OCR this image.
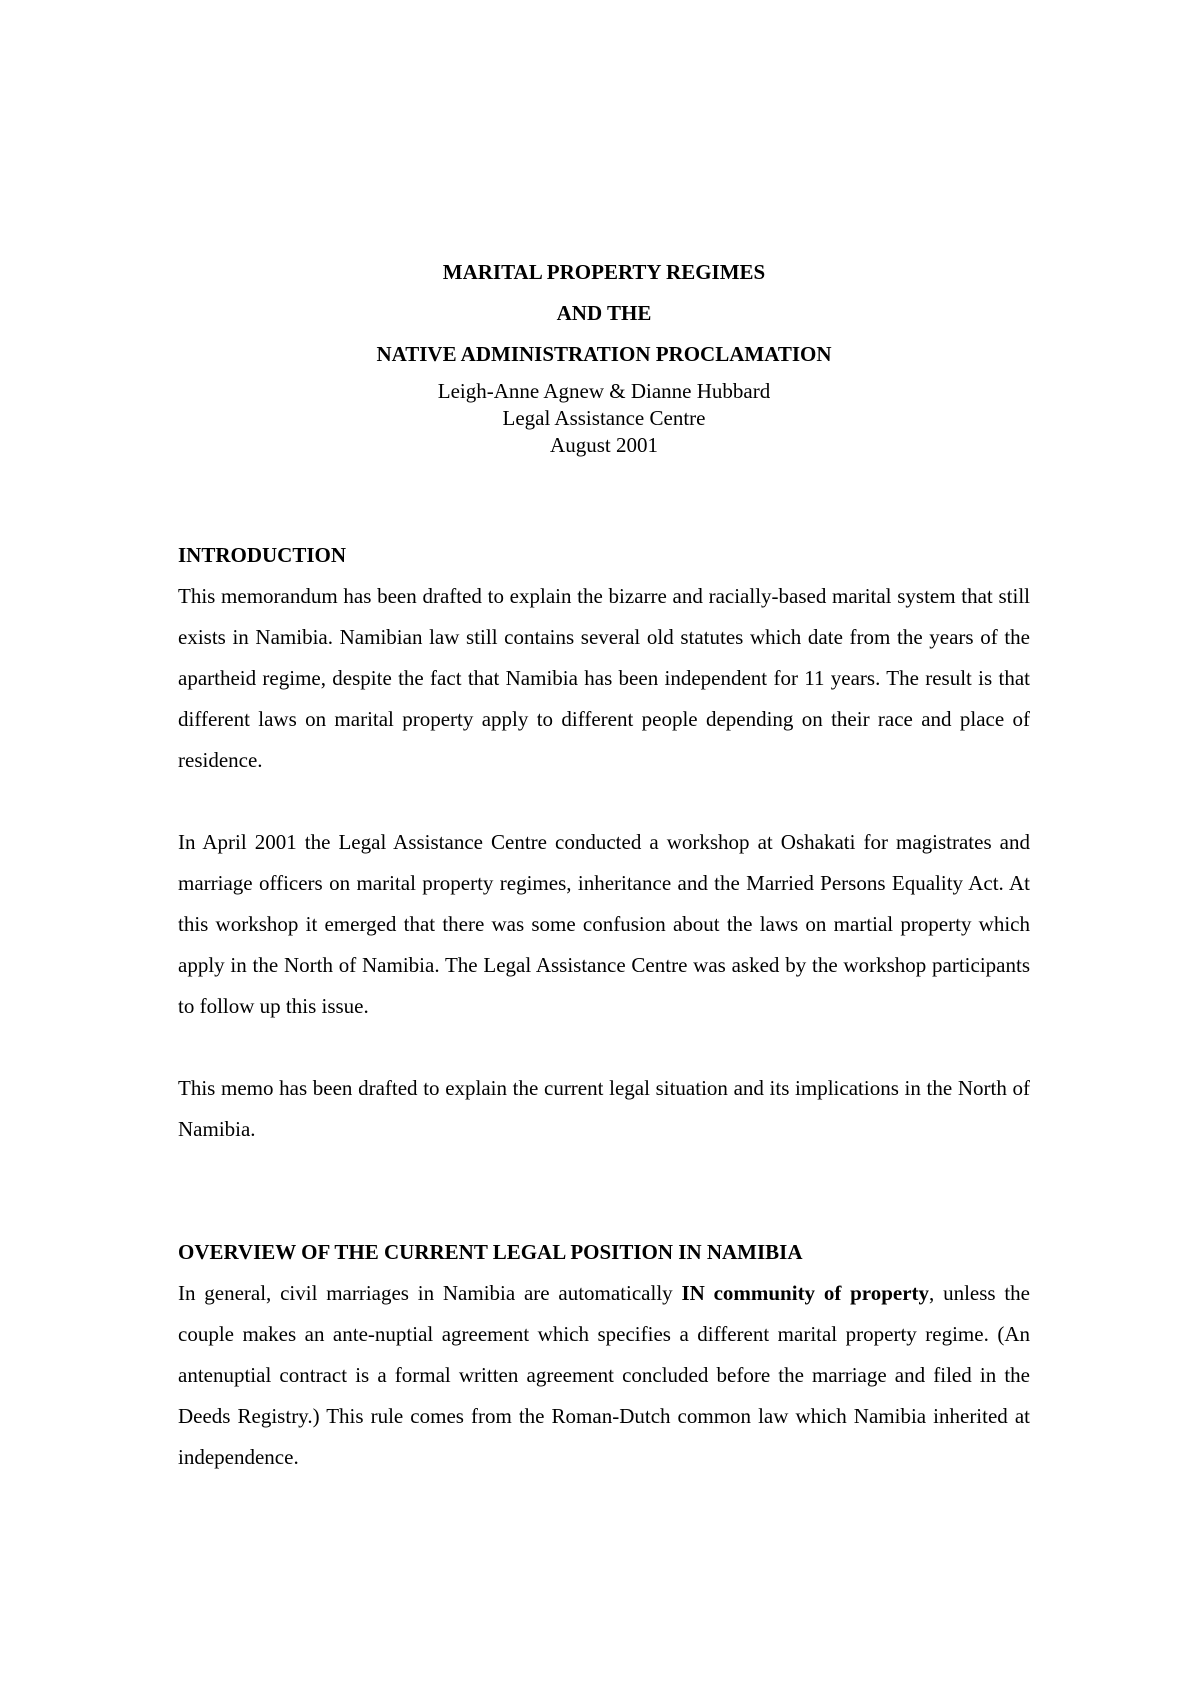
MARITAL PROPERTY REGIMES
AND THE
NATIVE ADMINISTRATION PROCLAMATION
Leigh-Anne Agnew & Dianne Hubbard
Legal Assistance Centre
August 2001
INTRODUCTION
This memorandum has been drafted to explain the bizarre and racially-based marital system that still exists in Namibia. Namibian law still contains several old statutes which date from the years of the apartheid regime, despite the fact that Namibia has been independent for 11 years. The result is that different laws on marital property apply to different people depending on their race and place of residence.
In April 2001 the Legal Assistance Centre conducted a workshop at Oshakati for magistrates and marriage officers on marital property regimes, inheritance and the Married Persons Equality Act. At this workshop it emerged that there was some confusion about the laws on martial property which apply in the North of Namibia. The Legal Assistance Centre was asked by the workshop participants to follow up this issue.
This memo has been drafted to explain the current legal situation and its implications in the North of Namibia.
OVERVIEW OF THE CURRENT LEGAL POSITION IN NAMIBIA
In general, civil marriages in Namibia are automatically IN community of property, unless the couple makes an ante-nuptial agreement which specifies a different marital property regime. (An antenuptial contract is a formal written agreement concluded before the marriage and filed in the Deeds Registry.) This rule comes from the Roman-Dutch common law which Namibia inherited at independence.
